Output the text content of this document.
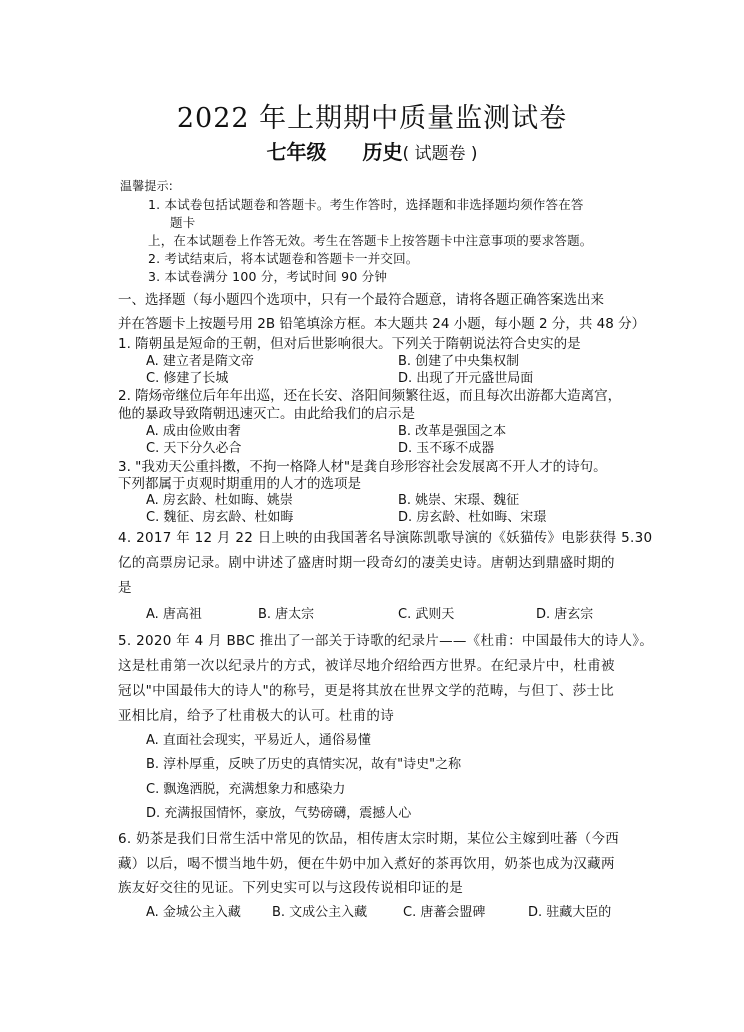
2022 年上期期中质量监测试卷
七年级 历史( 试题卷 )
温馨提示:
1. 本试卷包括试题卷和答题卡。考生作答时，选择题和非选择题均须作答在答
题卡
上，在本试题卷上作答无效。考生在答题卡上按答题卡中注意事项的要求答题。
2. 考试结束后，将本试题卷和答题卡一并交回。
3. 本试卷满分 100 分，考试时间 90 分钟
一、选择题（每小题四个选项中，只有一个最符合题意，请将各题正确答案选出来
并在答题卡上按题号用 2B 铅笔填涂方框。本大题共 24 小题，每小题 2 分，共 48 分）
1. 隋朝虽是短命的王朝，但对后世影响很大。下列关于隋朝说法符合史实的是
A. 建立者是隋文帝	B. 创建了中央集权制
C. 修建了长城	D. 出现了开元盛世局面
2. 隋炀帝继位后年年出巡，还在长安、洛阳间频繁往返，而且每次出游都大造离宫，
他的暴政导致隋朝迅速灭亡。由此给我们的启示是
A. 成由俭败由奢	B. 改革是强国之本
C. 天下分久必合	D. 玉不琢不成器
3. "我劝天公重抖擞，不拘一格降人材"是龚自珍形容社会发展离不开人才的诗句。
下列都属于贞观时期重用的人才的选项是
A. 房玄龄、杜如晦、姚崇	B. 姚崇、宋璟、魏征
C. 魏征、房玄龄、杜如晦	D. 房玄龄、杜如晦、宋璟
4. 2017 年 12 月 22 日上映的由我国著名导演陈凯歌导演的《妖猫传》电影获得 5.30
亿的高票房记录。剧中讲述了盛唐时期一段奇幻的凄美史诗。唐朝达到鼎盛时期的
是
A. 唐高祖	B. 唐太宗	C. 武则天	D. 唐玄宗
5. 2020 年 4 月 BBC 推出了一部关于诗歌的纪录片——《杜甫：中国最伟大的诗人》。
这是杜甫第一次以纪录片的方式，被详尽地介绍给西方世界。在纪录片中，杜甫被
冠以"中国最伟大的诗人"的称号，更是将其放在世界文学的范畴，与但丁、莎士比
亚相比肩，给予了杜甫极大的认可。杜甫的诗
A. 直面社会现实，平易近人，通俗易懂
B. 淳朴厚重，反映了历史的真情实况，故有"诗史"之称
C. 飘逸洒脱，充满想象力和感染力
D. 充满报国情怀，豪放，气势磅礴，震撼人心
6. 奶茶是我们日常生活中常见的饮品，相传唐太宗时期，某位公主嫁到吐蕃（今西
藏）以后，喝不惯当地牛奶，便在牛奶中加入煮好的茶再饮用，奶茶也成为汉藏两
族友好交往的见证。下列史实可以与这段传说相印证的是
A. 金城公主入藏 B. 文成公主入藏	C. 唐蕃会盟碑	D. 驻藏大臣的
